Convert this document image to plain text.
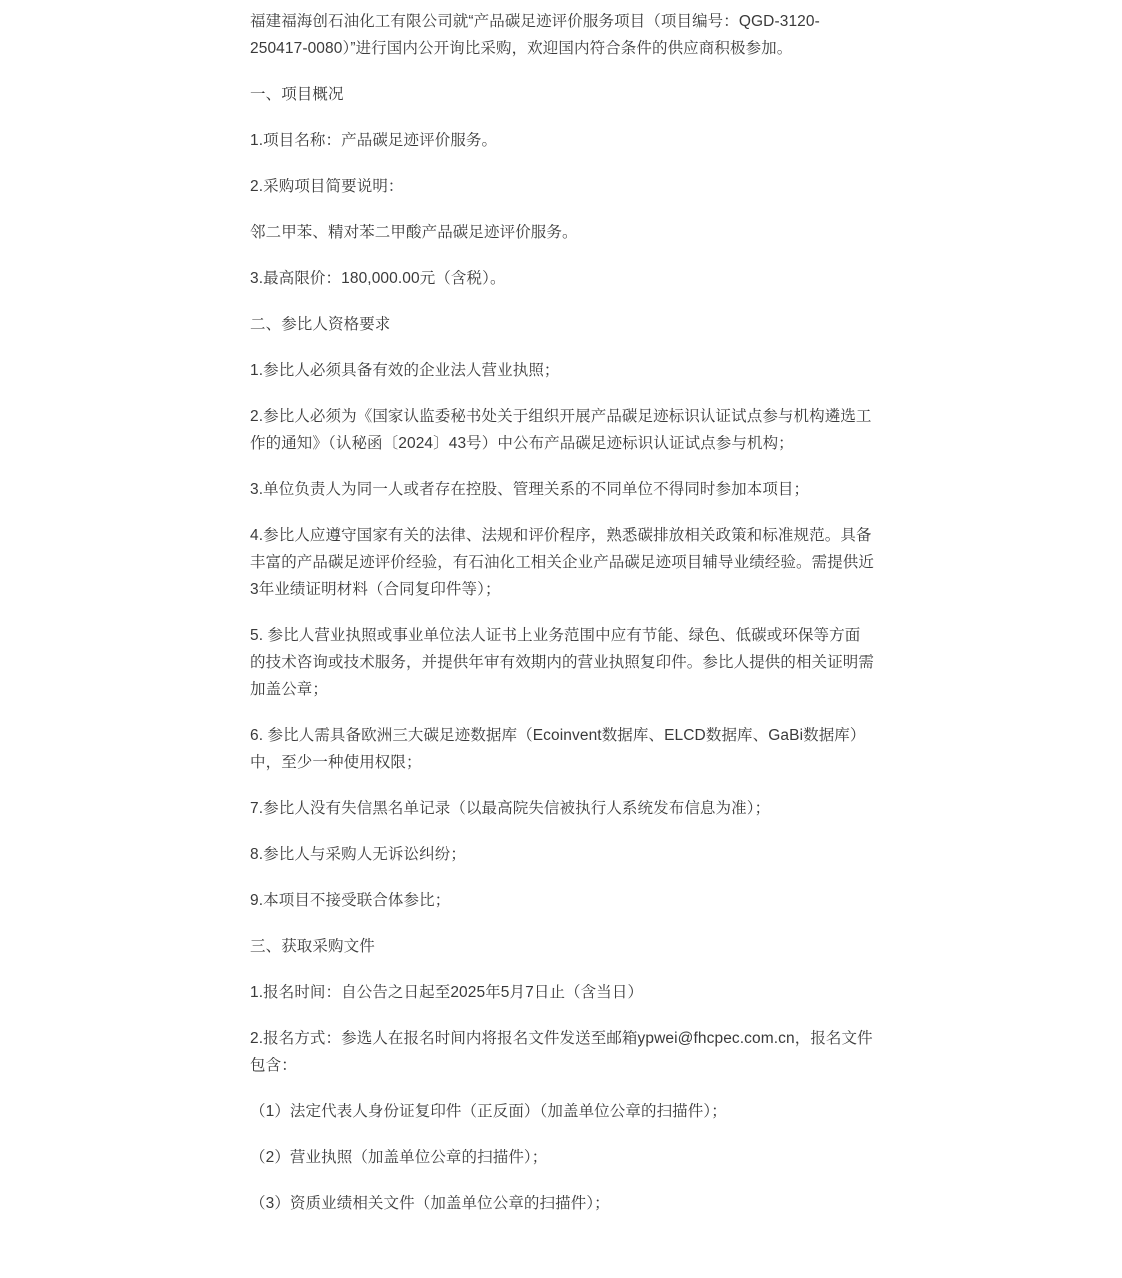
福建福海创石油化工有限公司就“产品碳足迹评价服务项目（项目编号：QGD-3120-250417-0080）”进行国内公开询比采购，欢迎国内符合条件的供应商积极参加。

一、项目概况

1.项目名称：产品碳足迹评价服务。

2.采购项目简要说明：

邻二甲苯、精对苯二甲酸产品碳足迹评价服务。

3.最高限价：180,000.00元（含税）。

二、参比人资格要求

1.参比人必须具备有效的企业法人营业执照；

2.参比人必须为《国家认监委秘书处关于组织开展产品碳足迹标识认证试点参与机构遴选工作的通知》（认秘函〔2024〕43号）中公布产品碳足迹标识认证试点参与机构；

3.单位负责人为同一人或者存在控股、管理关系的不同单位不得同时参加本项目；

4.参比人应遵守国家有关的法律、法规和评价程序，熟悉碳排放相关政策和标准规范。具备丰富的产品碳足迹评价经验，有石油化工相关企业产品碳足迹项目辅导业绩经验。需提供近3年业绩证明材料（合同复印件等）；

5. 参比人营业执照或事业单位法人证书上业务范围中应有节能、绿色、低碳或环保等方面的技术咨询或技术服务，并提供年审有效期内的营业执照复印件。参比人提供的相关证明需加盖公章；

6. 参比人需具备欧洲三大碳足迹数据库（Ecoinvent数据库、ELCD数据库、GaBi数据库）中，至少一种使用权限；

7.参比人没有失信黑名单记录（以最高院失信被执行人系统发布信息为准）；

8.参比人与采购人无诉讼纠纷；

9.本项目不接受联合体参比；

三、获取采购文件

1.报名时间：自公告之日起至2025年5月7日止（含当日）

2.报名方式：参选人在报名时间内将报名文件发送至邮箱ypwei@fhcpec.com.cn，报名文件包含：

（1）法定代表人身份证复印件（正反面）（加盖单位公章的扫描件）；

（2）营业执照（加盖单位公章的扫描件）；

（3）资质业绩相关文件（加盖单位公章的扫描件）；
